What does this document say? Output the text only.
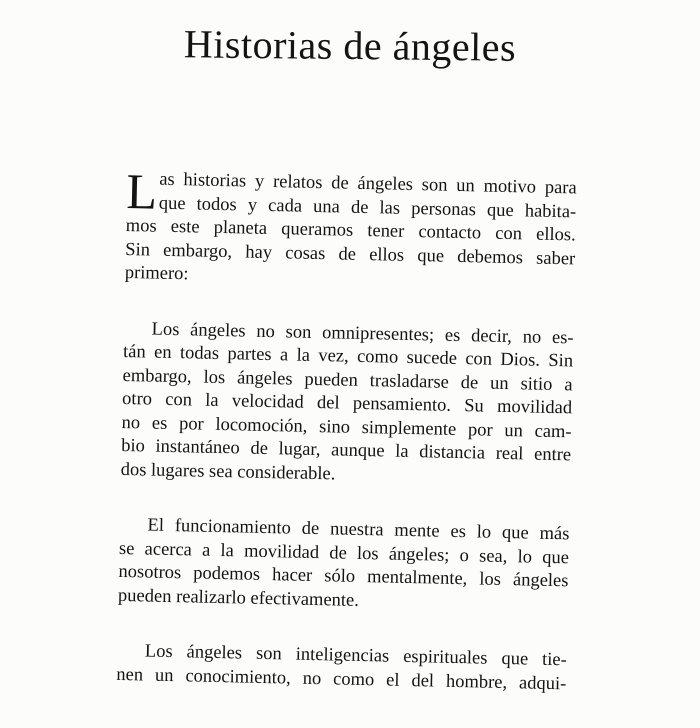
Historias de ángeles
L as historias y relatos de ángeles son un motivo para
que todos y cada una de las personas que habita-
mos este planeta queramos tener contacto con ellos.
Sin embargo, hay cosas de ellos que debemos saber
primero:
Los ángeles no son omnipresentes; es decir, no es-
tán en todas partes a la vez, como sucede con Dios. Sin
embargo, los ángeles pueden trasladarse de un sitio a
otro con la velocidad del pensamiento. Su movilidad
no es por locomoción, sino simplemente por un cam-
bio instantáneo de lugar, aunque la distancia real entre
dos lugares sea considerable.
El funcionamiento de nuestra mente es lo que más
se acerca a la movilidad de los ángeles; o sea, lo que
nosotros podemos hacer sólo mentalmente, los ángeles
pueden realizarlo efectivamente.
Los ángeles son inteligencias espirituales que tie-
nen un conocimiento, no como el del hombre, adqui-
